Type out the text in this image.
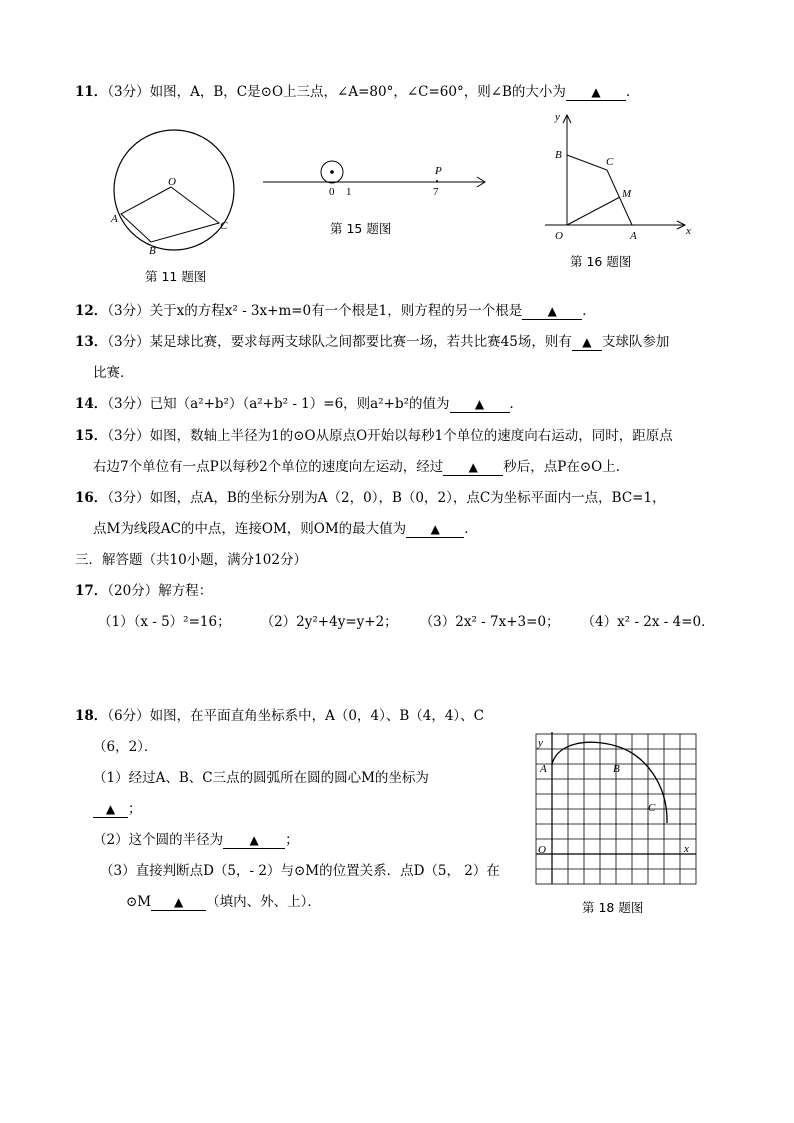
11．（3分）如图，A，B，C是⊙O上三点，∠A=80°，∠C=60°，则∠B的大小为 ▲ ．
O
A
B
C
第 11 题图
0 1	7
P
第 15 题图
y
x
O	A
B
C
M
第 16 题图
12．（3分）关于x的方程x² - 3x+m=0有一个根是1，则方程的另一个根是 ▲ ．
13．（3分）某足球比赛，要求每两支球队之间都要比赛一场，若共比赛45场，则有 ▲ 支球队参加
比赛．
14．（3分）已知（a²+b²）（a²+b² - 1）=6，则a²+b²的值为 ▲ ．
15．（3分）如图，数轴上半径为1的⊙O从原点O开始以每秒1个单位的速度向右运动，同时，距原点
右边7个单位有一点P以每秒2个单位的速度向左运动，经过 ▲ 秒后，点P在⊙O上．
16．（3分）如图，点A，B的坐标分别为A（2，0），B（0，2），点C为坐标平面内一点，BC=1，
点M为线段AC的中点，连接OM，则OM的最大值为 ▲ ．
三．解答题（共10小题，满分102分）
17．（20分）解方程：
（1）（x - 5）²=16； （2）2y²+4y=y+2； （3）2x² - 7x+3=0； （4）x² - 2x - 4=0．
18．（6分）如图，在平面直角坐标系中，A（0，4）、B（4，4）、C
（6，2）．
（1）经过A、B、C三点的圆弧所在圆的圆心M的坐标为
▲ ；
（2）这个圆的半径为 ▲ ；
（3）直接判断点D（5，- 2）与⊙M的位置关系．点D（5， 2）在
⊙M ▲ （填内、外、上）．
y
x
O
A	B
C
第 18 题图
